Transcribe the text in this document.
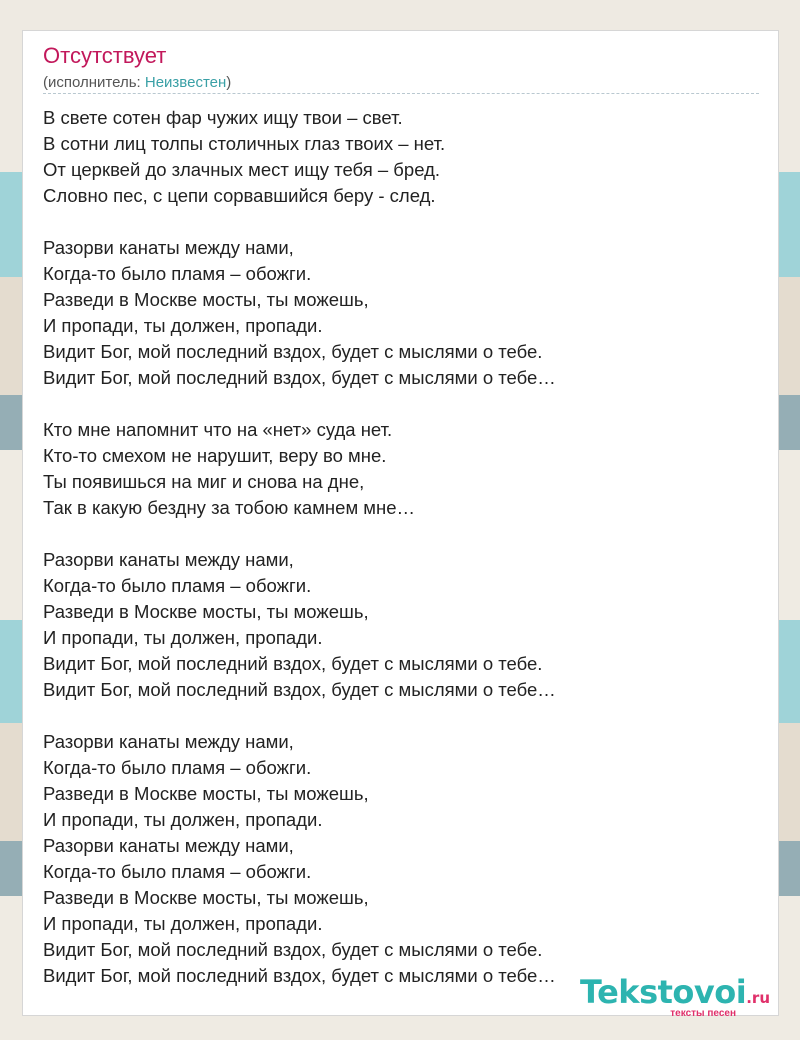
Отсутствует
(исполнитель: Неизвестен)
В свете сотен фар чужих ищу твои – свет.
В сотни лиц толпы столичных глаз твоих – нет.
От церквей до злачных мест ищу тебя – бред.
Словно пес, с цепи сорвавшийся беру - след.
Разорви канаты между нами,
Когда-то было пламя – обожги.
Разведи в Москве мосты, ты можешь,
И пропади, ты должен, пропади.
Видит Бог, мой последний вздох, будет с мыслями о тебе.
Видит Бог, мой последний вздох, будет с мыслями о тебе…
Кто мне напомнит что на «нет» суда нет.
Кто-то смехом не нарушит, веру во мне.
Ты появишься на миг и снова на дне,
Так в какую бездну за тобою камнем мне…
Разорви канаты между нами,
Когда-то было пламя – обожги.
Разведи в Москве мосты, ты можешь,
И пропади, ты должен, пропади.
Видит Бог, мой последний вздох, будет с мыслями о тебе.
Видит Бог, мой последний вздох, будет с мыслями о тебе…
Разорви канаты между нами,
Когда-то было пламя – обожги.
Разведи в Москве мосты, ты можешь,
И пропади, ты должен, пропади.
Разорви канаты между нами,
Когда-то было пламя – обожги.
Разведи в Москве мосты, ты можешь,
И пропади, ты должен, пропади.
Видит Бог, мой последний вздох, будет с мыслями о тебе.
Видит Бог, мой последний вздох, будет с мыслями о тебе… Tekstovoi.ru
тексты песен
